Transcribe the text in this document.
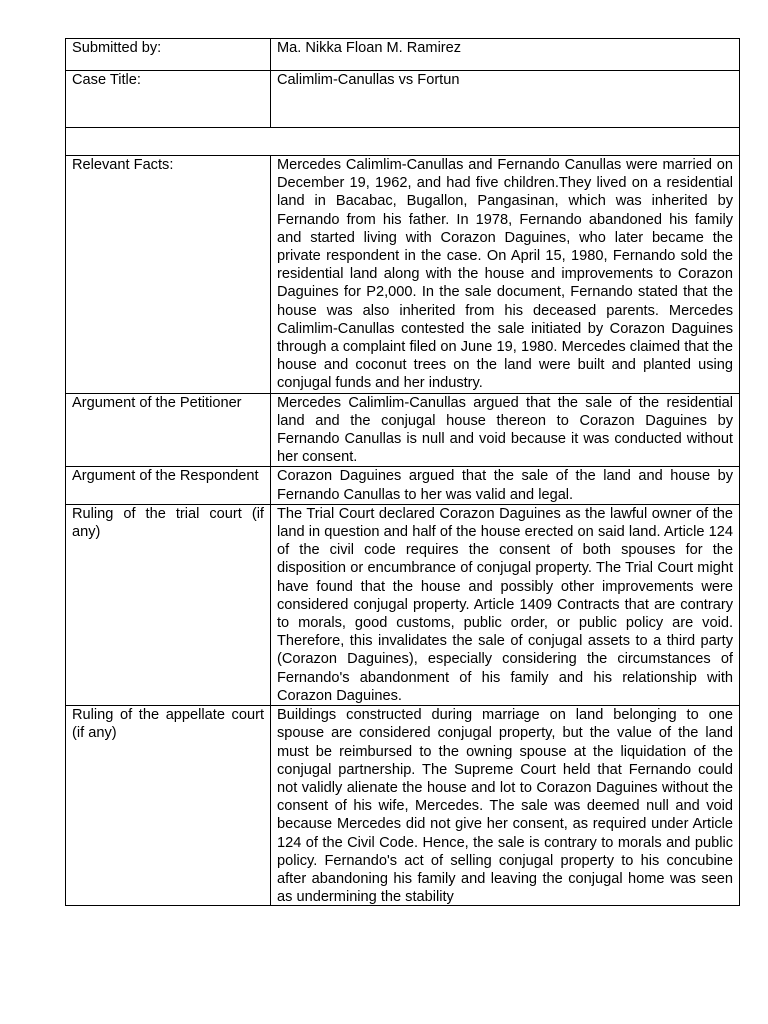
Submitted by:	Ma. Nikka Floan M. Ramirez
Case Title:	Calimlim-Canullas vs Fortun

Relevant Facts:	Mercedes Calimlim-Canullas and Fernando Canullas were married on December 19, 1962, and had five children.They lived on a residential land in Bacabac, Bugallon, Pangasinan, which was inherited by Fernando from his father. In 1978, Fernando abandoned his family and started living with Corazon Daguines, who later became the private respondent in the case. On April 15, 1980, Fernando sold the residential land along with the house and improvements to Corazon Daguines for P2,000. In the sale document, Fernando stated that the house was also inherited from his deceased parents. Mercedes Calimlim-Canullas contested the sale initiated by Corazon Daguines through a complaint filed on June 19, 1980. Mercedes claimed that the house and coconut trees on the land were built and planted using conjugal funds and her industry.
Argument of the Petitioner	Mercedes Calimlim-Canullas argued that the sale of the residential land and the conjugal house thereon to Corazon Daguines by Fernando Canullas is null and void because it was conducted without her consent.
Argument of the Respondent	Corazon Daguines argued that the sale of the land and house by Fernando Canullas to her was valid and legal.
Ruling of the trial court (if any)	The Trial Court declared Corazon Daguines as the lawful owner of the land in question and half of the house erected on said land. Article 124 of the civil code requires the consent of both spouses for the disposition or encumbrance of conjugal property. The Trial Court might have found that the house and possibly other improvements were considered conjugal property. Article 1409 Contracts that are contrary to morals, good customs, public order, or public policy are void. Therefore, this invalidates the sale of conjugal assets to a third party (Corazon Daguines), especially considering the circumstances of Fernando's abandonment of his family and his relationship with Corazon Daguines.
Ruling of the appellate court (if any)	Buildings constructed during marriage on land belonging to one spouse are considered conjugal property, but the value of the land must be reimbursed to the owning spouse at the liquidation of the conjugal partnership. The Supreme Court held that Fernando could not validly alienate the house and lot to Corazon Daguines without the consent of his wife, Mercedes. The sale was deemed null and void because Mercedes did not give her consent, as required under Article 124 of the Civil Code. Hence, the sale is contrary to morals and public policy. Fernando's act of selling conjugal property to his concubine after abandoning his family and leaving the conjugal home was seen as undermining the stability
